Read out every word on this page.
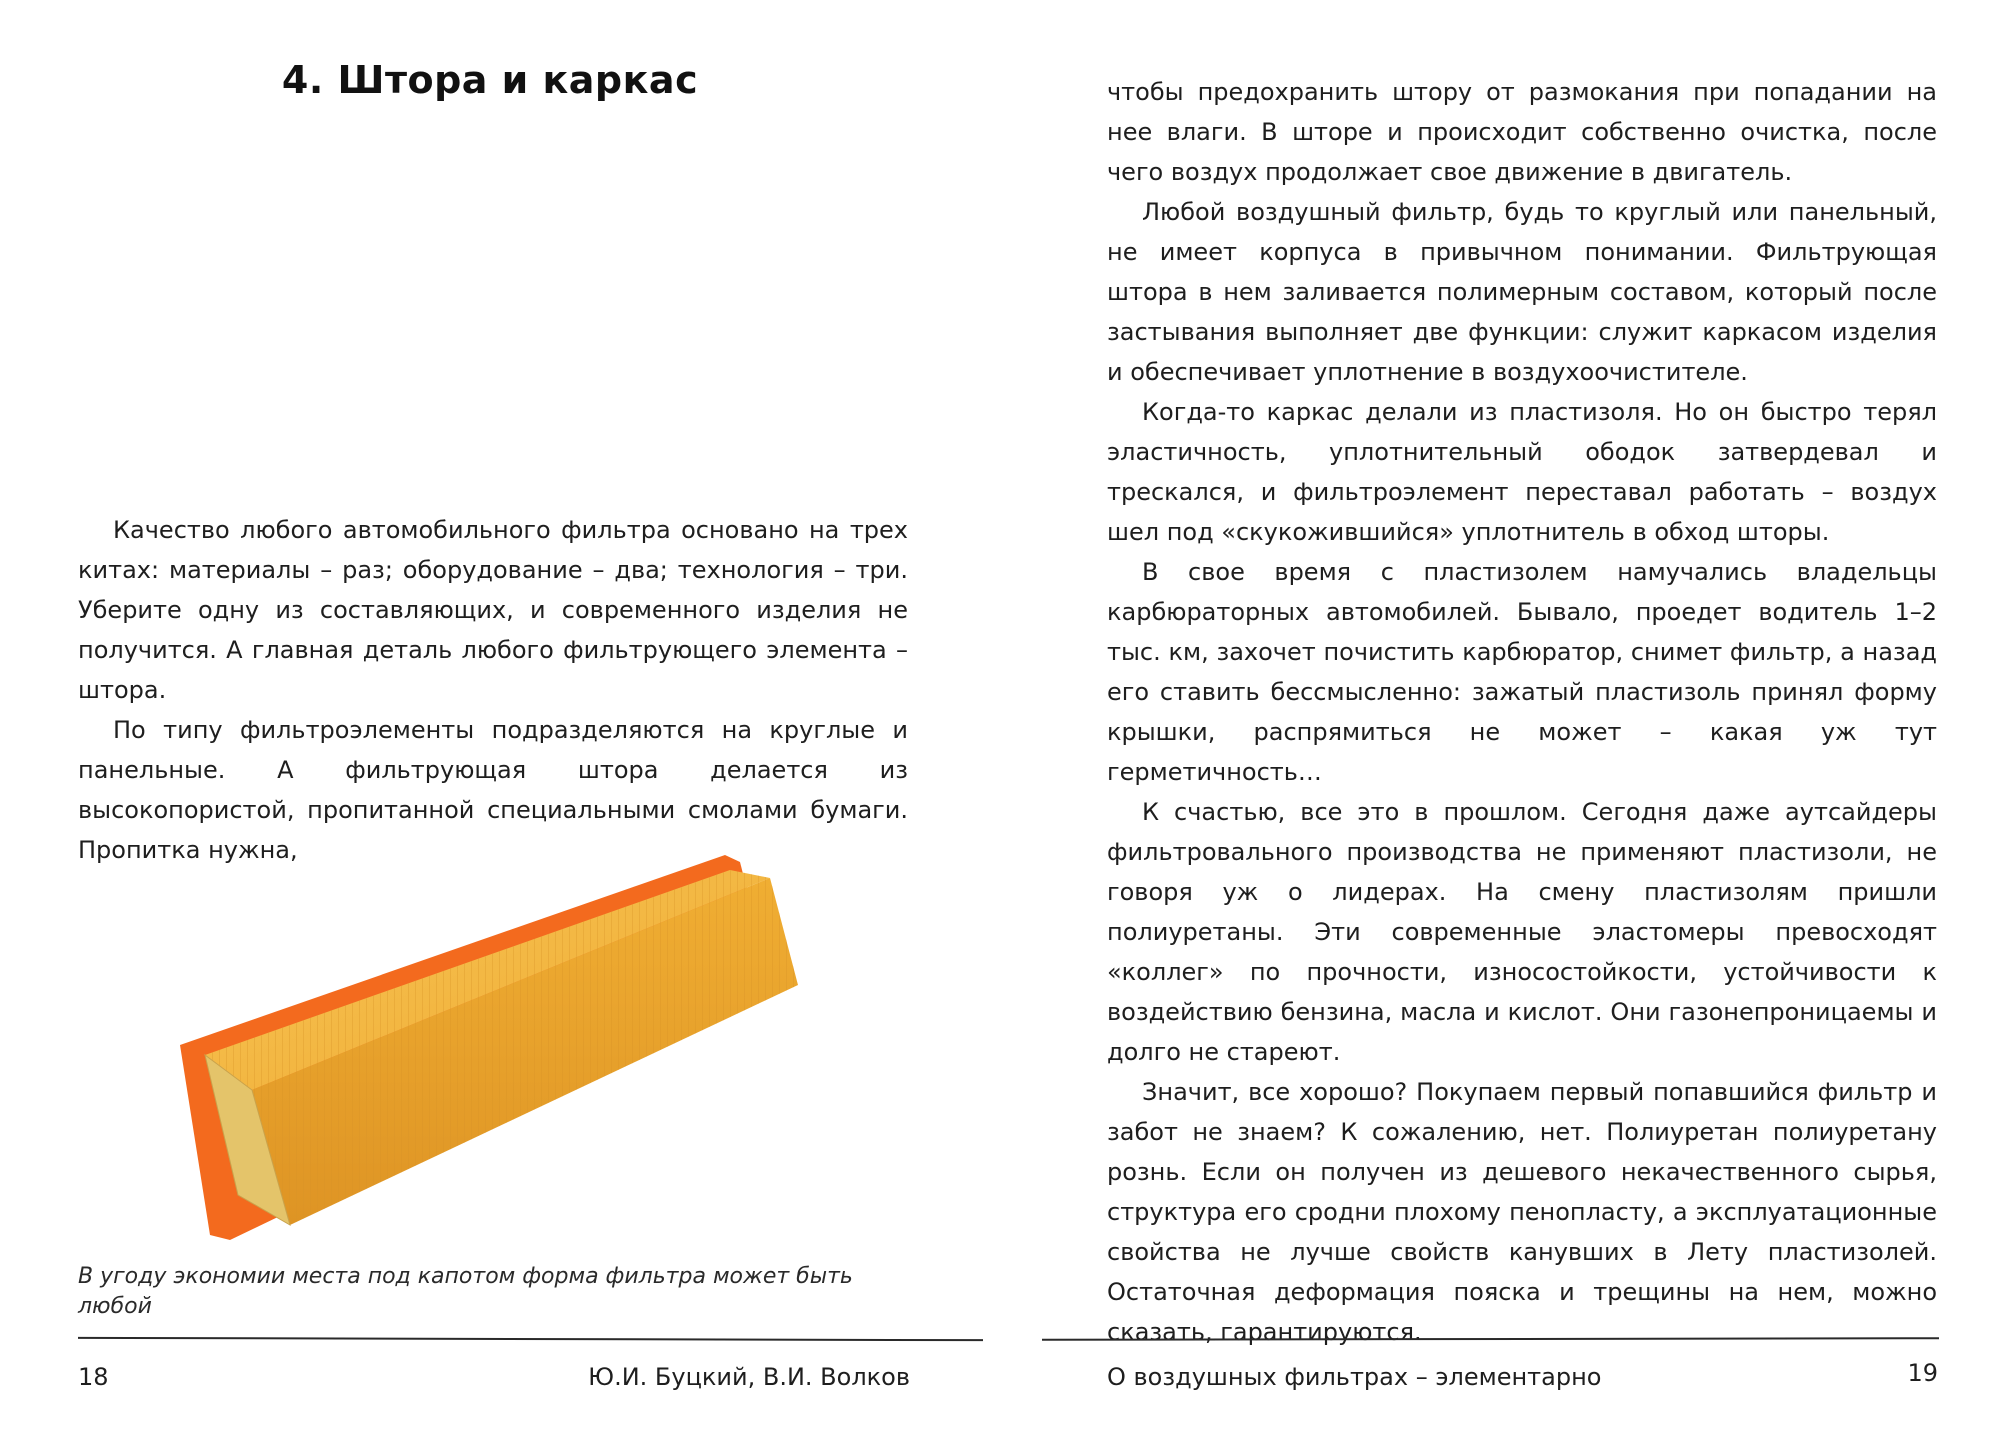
4. Штора и каркас

Качество любого автомобильного фильтра основано на трех китах: материалы – раз; оборудование – два; технология – три. Уберите одну из составляющих, и современного изделия не получится. А главная деталь любого фильтрующего элемента – штора.

По типу фильтроэлементы подразделяются на круглые и панельные. А фильтрующая штора делается из высокопористой, пропитанной специальными смолами бумаги. Пропитка нужна,

В угоду экономии места под капотом форма фильтра может быть любой
18	Ю.И. Буцкий, В.И. Волков

чтобы предохранить штору от размокания при попадании на нее влаги. В шторе и происходит собственно очистка, после чего воздух продолжает свое движение в двигатель.

Любой воздушный фильтр, будь то круглый или панельный, не имеет корпуса в привычном понимании. Фильтрующая штора в нем заливается полимерным составом, который после застывания выполняет две функции: служит каркасом изделия и обеспечивает уплотнение в воздухоочистителе.

Когда-то каркас делали из пластизоля. Но он быстро терял эластичность, уплотнительный ободок затвердевал и трескался, и фильтроэлемент переставал работать – воздух шел под «скукожившийся» уплотнитель в обход шторы.

В свое время с пластизолем намучались владельцы карбюраторных автомобилей. Бывало, проедет водитель 1–2 тыс. км, захочет почистить карбюратор, снимет фильтр, а назад его ставить бессмысленно: зажатый пластизоль принял форму крышки, распрямиться не может – какая уж тут герметичность…

К счастью, все это в прошлом. Сегодня даже аутсайдеры фильтровального производства не применяют пластизоли, не говоря уж о лидерах. На смену пластизолям пришли полиуретаны. Эти современные эластомеры превосходят «коллег» по прочности, износостойкости, устойчивости к воздействию бензина, масла и кислот. Они газонепроницаемы и долго не стареют.

Значит, все хорошо? Покупаем первый попавшийся фильтр и забот не знаем? К сожалению, нет. Полиуретан полиуретану рознь. Если он получен из дешевого некачественного сырья, структура его сродни плохому пенопласту, а эксплуатационные свойства не лучше свойств канувших в Лету пластизолей. Остаточная деформация пояска и трещины на нем, можно сказать, гарантируются.

О воздушных фильтрах – элементарно	19
